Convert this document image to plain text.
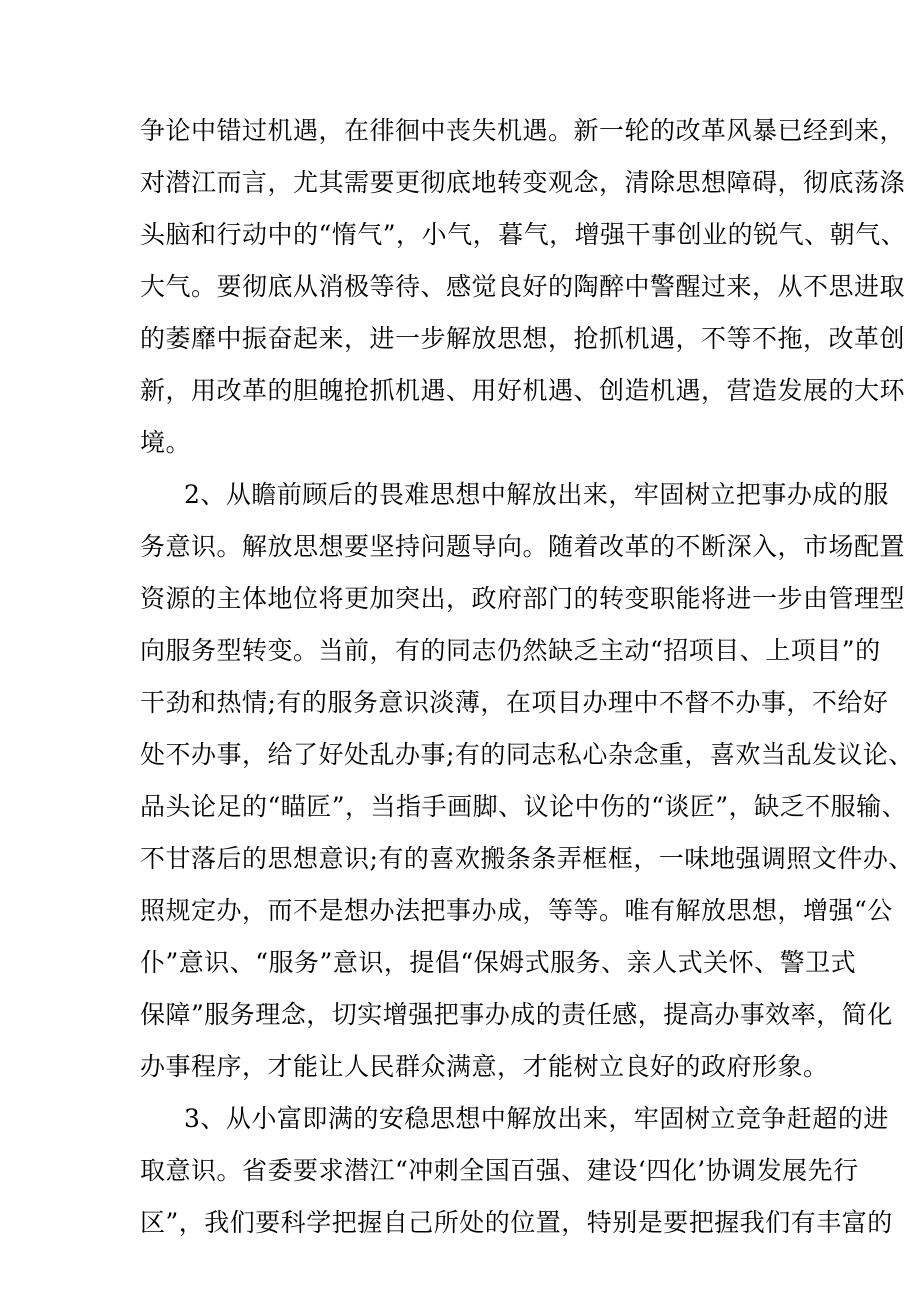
争论中错过机遇，在徘徊中丧失机遇。新一轮的改革风暴已经到来，
对潜江而言，尤其需要更彻底地转变观念，清除思想障碍，彻底荡涤
头脑和行动中的“惰气”，小气，暮气，增强干事创业的锐气、朝气、
大气。要彻底从消极等待、感觉良好的陶醉中警醒过来，从不思进取
的萎靡中振奋起来，进一步解放思想，抢抓机遇，不等不拖，改革创
新，用改革的胆魄抢抓机遇、用好机遇、创造机遇，营造发展的大环
境。
2、从瞻前顾后的畏难思想中解放出来，牢固树立把事办成的服
务意识。解放思想要坚持问题导向。随着改革的不断深入，市场配置
资源的主体地位将更加突出，政府部门的转变职能将进一步由管理型
向服务型转变。当前，有的同志仍然缺乏主动“招项目、上项目”的
干劲和热情;有的服务意识淡薄，在项目办理中不督不办事，不给好
处不办事，给了好处乱办事;有的同志私心杂念重，喜欢当乱发议论、
品头论足的“瞄匠”，当指手画脚、议论中伤的“谈匠”，缺乏不服输、
不甘落后的思想意识;有的喜欢搬条条弄框框，一味地强调照文件办、
照规定办，而不是想办法把事办成，等等。唯有解放思想，增强“公
仆”意识、“服务”意识，提倡“保姆式服务、亲人式关怀、警卫式
保障”服务理念，切实增强把事办成的责任感，提高办事效率，简化
办事程序，才能让人民群众满意，才能树立良好的政府形象。
3、从小富即满的安稳思想中解放出来，牢固树立竞争赶超的进
取意识。省委要求潜江“冲刺全国百强、建设‘四化’协调发展先行
区”，我们要科学把握自己所处的位置，特别是要把握我们有丰富的
